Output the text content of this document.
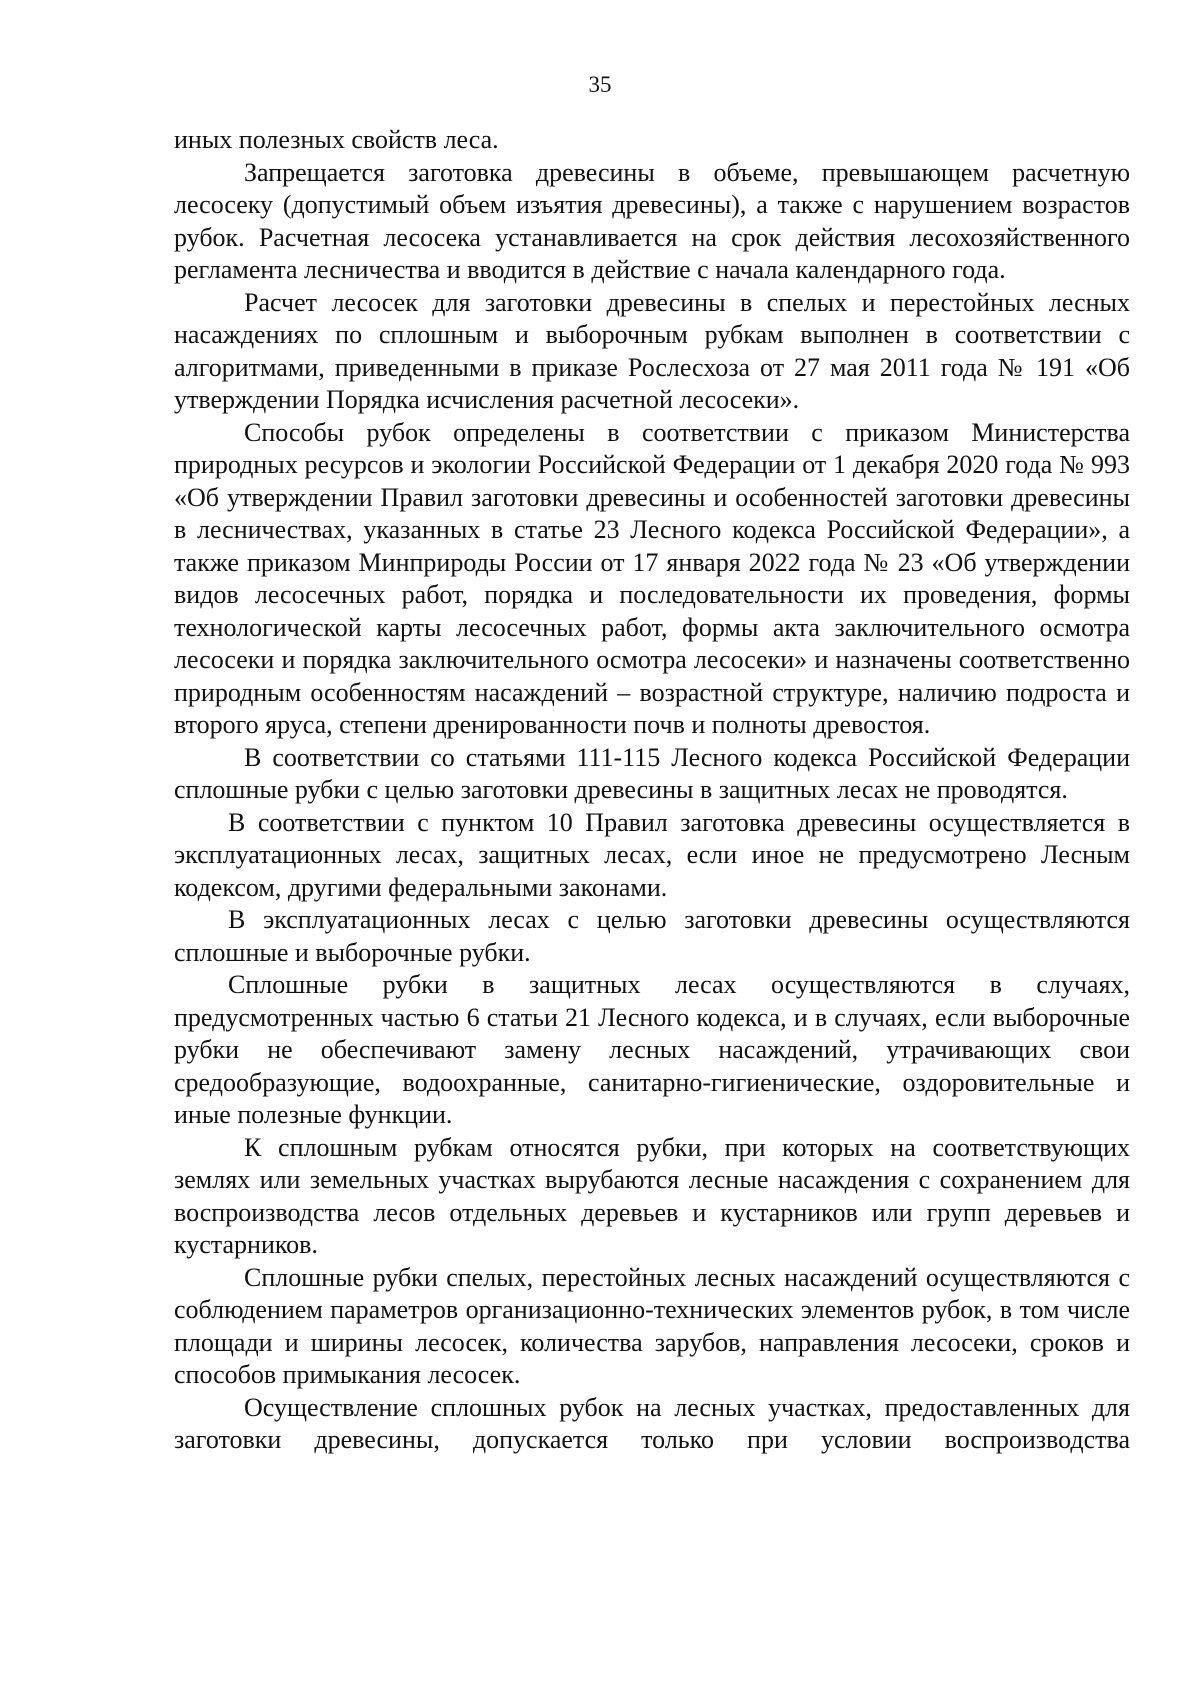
35

иных полезных свойств леса.

Запрещается заготовка древесины в объеме, превышающем расчетную лесосеку (допустимый объем изъятия древесины), а также с нарушением возрастов рубок. Расчетная лесосека устанавливается на срок действия лесохозяйственного регламента лесничества и вводится в действие с начала календарного года.

Расчет лесосек для заготовки древесины в спелых и перестойных лесных насаждениях по сплошным и выборочным рубкам выполнен в соответствии с алгоритмами, приведенными в приказе Рослесхоза от 27 мая 2011 года № 191 «Об утверждении Порядка исчисления расчетной лесосеки».

Способы рубок определены в соответствии с приказом Министерства природных ресурсов и экологии Российской Федерации от 1 декабря 2020 года № 993 «Об утверждении Правил заготовки древесины и особенностей заготовки древесины в лесничествах, указанных в статье 23 Лесного кодекса Российской Федерации», а также приказом Минприроды России от 17 января 2022 года № 23 «Об утверждении видов лесосечных работ, порядка и последовательности их проведения, формы технологической карты лесосечных работ, формы акта заключительного осмотра лесосеки и порядка заключительного осмотра лесосеки» и назначены соответственно природным особенностям насаждений – возрастной структуре, наличию подроста и второго яруса, степени дренированности почв и полноты древостоя.

В соответствии со статьями 111-115 Лесного кодекса Российской Федерации сплошные рубки с целью заготовки древесины в защитных лесах не проводятся.

В соответствии с пунктом 10 Правил заготовка древесины осуществляется в эксплуатационных лесах, защитных лесах, если иное не предусмотрено Лесным кодексом, другими федеральными законами.

В эксплуатационных лесах с целью заготовки древесины осуществляются сплошные и выборочные рубки.

Сплошные рубки в защитных лесах осуществляются в случаях, предусмотренных частью 6 статьи 21 Лесного кодекса, и в случаях, если выборочные рубки не обеспечивают замену лесных насаждений, утрачивающих свои средообразующие, водоохранные, санитарно-гигиенические, оздоровительные и иные полезные функции.

К сплошным рубкам относятся рубки, при которых на соответствующих землях или земельных участках вырубаются лесные насаждения с сохранением для воспроизводства лесов отдельных деревьев и кустарников или групп деревьев и кустарников.

Сплошные рубки спелых, перестойных лесных насаждений осуществляются с соблюдением параметров организационно-технических элементов рубок, в том числе площади и ширины лесосек, количества зарубов, направления лесосеки, сроков и способов примыкания лесосек.

Осуществление сплошных рубок на лесных участках, предоставленных для заготовки древесины, допускается только при условии воспроизводства
